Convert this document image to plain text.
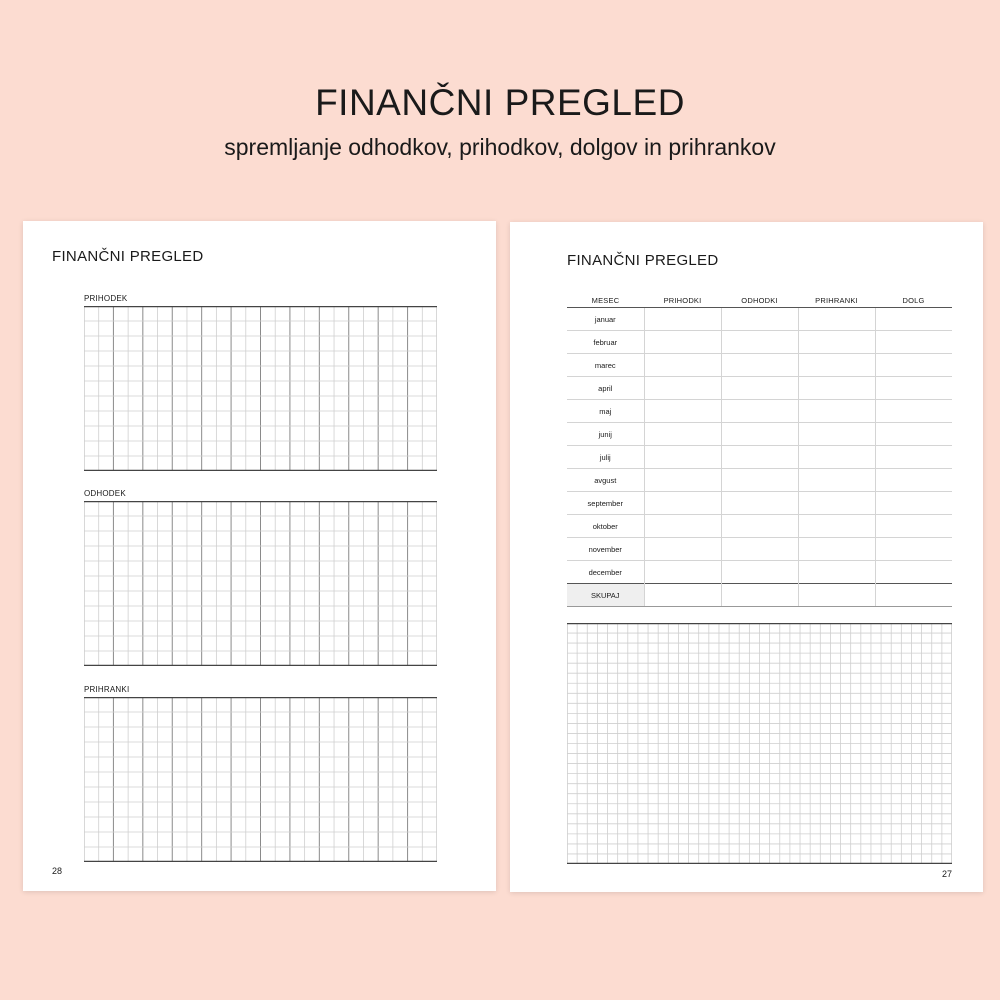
FINANČNI PREGLED
spremljanje odhodkov, prihodkov, dolgov in prihrankov
FINANČNI PREGLED
PRIHODEK
ODHODEK
PRIHRANKI
28
FINANČNI PREGLED
MESEC	PRIHODKI	ODHODKI	PRIHRANKI	DOLG
januar				
februar				
marec				
april				
maj				
junij				
julij				
avgust				
september				
oktober				
november				
december				
SKUPAJ				
27
